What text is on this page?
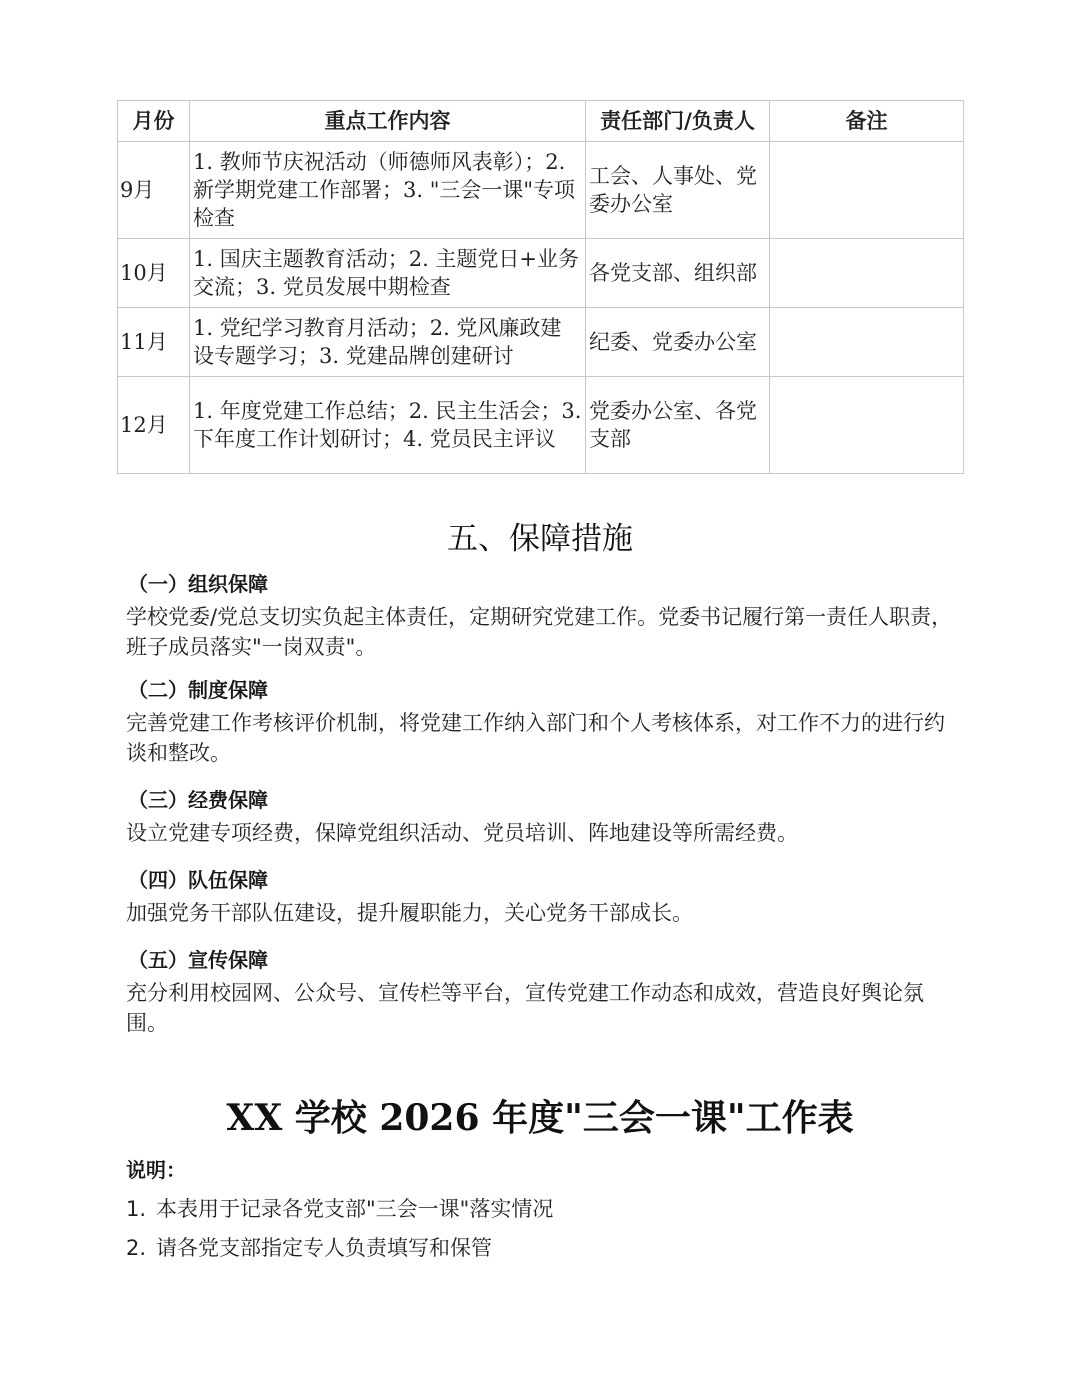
月份	重点工作内容	责任部门/负责人	备注
9月	1. 教师节庆祝活动（师德师风表彰）；2. 新学期党建工作部署；3. "三会一课"专项检查	工会、人事处、党委办公室	
10月	1. 国庆主题教育活动；2. 主题党日+业务交流；3. 党员发展中期检查	各党支部、组织部	
11月	1. 党纪学习教育月活动；2. 党风廉政建设专题学习；3. 党建品牌创建研讨	纪委、党委办公室	
12月	1. 年度党建工作总结；2. 民主生活会；3. 下年度工作计划研讨；4. 党员民主评议	党委办公室、各党支部	
五、保障措施

（一）组织保障

学校党委/党总支切实负起主体责任，定期研究党建工作。党委书记履行第一责任人职责，班子成员落实"一岗双责"。

（二）制度保障

完善党建工作考核评价机制，将党建工作纳入部门和个人考核体系，对工作不力的进行约谈和整改。

（三）经费保障

设立党建专项经费，保障党组织活动、党员培训、阵地建设等所需经费。

（四）队伍保障

加强党务干部队伍建设，提升履职能力，关心党务干部成长。

（五）宣传保障

充分利用校园网、公众号、宣传栏等平台，宣传党建工作动态和成效，营造良好舆论氛围。

XX 学校 2026 年度"三会一课"工作表

说明：

1. 本表用于记录各党支部"三会一课"落实情况
2. 请各党支部指定专人负责填写和保管
